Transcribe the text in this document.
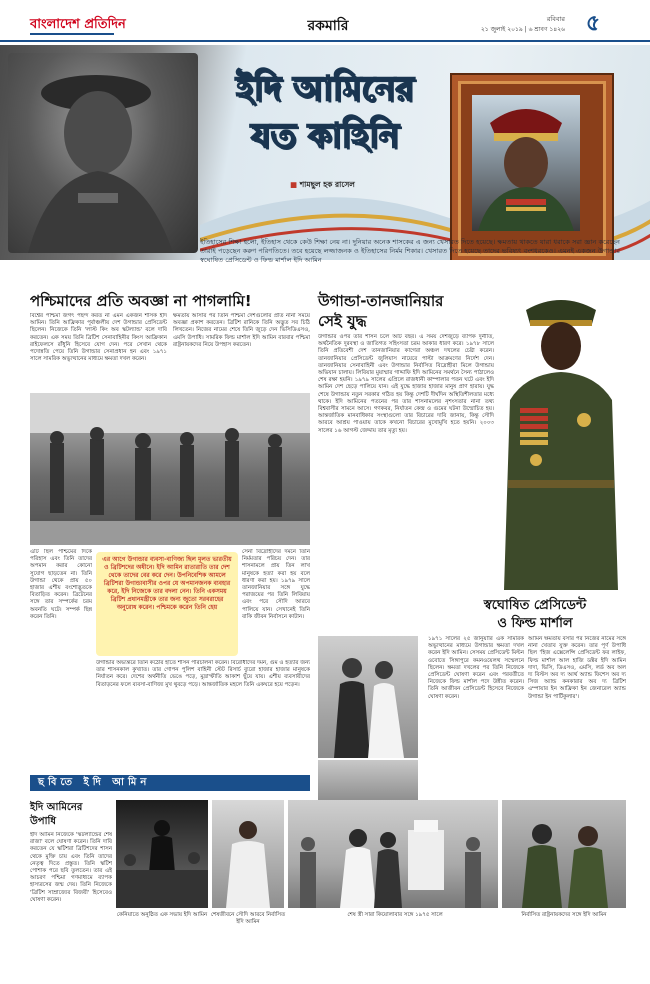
বাংলাদেশ প্রতিদিন	রকমারি	রবিবার
২১ জুলাই ২০১৯ | ৬ শ্রাবণ ১৪২৬ ৫
ইদি আমিনের
যত কাহিনি
■ শামছুল হক রাসেল
ইতিহাসের শিক্ষা হলো, ইতিহাস থেকে কেউ শিক্ষা নেয় না। দুনিয়ার অনেক শাসকের এ জন্য খেসারত দিতে হয়েছে। ক্ষমতায় থাকতে যারা ধরাকে সরা জ্ঞান করেছেন তারাই পড়েছেন করুণ পরিণতিতে। তবে হয়েছে লজ্জাজনক ও ইতিহাসের নির্মম শিকার। খেসারত দিতে হয়েছে তাদের ভবিষ্যৎ বংশধরকেও। এমনই একজন উগান্ডার স্বঘোষিত প্রেসিডেন্ট ও ফিল্ড মার্শাল ইদি আমিন
পশ্চিমাদের প্রতি অবজ্ঞা না পাগলামি!
বিশ্বের পশ্চিমা জগৎ পছন্দ করত না এমন একজন শাসক ইদি আমিন। তিনি আফ্রিকার পূর্বাঞ্চলীয় দেশ উগান্ডার প্রেসিডেন্ট ছিলেন। নিজেকে তিনি 'লাস্ট কিং অব স্কটল্যান্ড' বলে দাবি করতেন। এক সময় তিনি ব্রিটিশ সেনাবাহিনীর কিংস আফ্রিকান রাইফেলসে রাঁধুনি হিসেবে যোগ দেন। পরে সেখান থেকে পদোন্নতি পেয়ে তিনি উগান্ডার সেনাপ্রধান হন এবং ১৯৭১ সালে সামরিক অভ্যুত্থানের মাধ্যমে ক্ষমতা দখল করেন।
ক্ষমতায় আসার পর তিনি পশ্চিমা দেশগুলোর প্রতি নানা সময়ে অবজ্ঞা প্রকাশ করতেন। ব্রিটিশ রানিকে তিনি অদ্ভুত সব চিঠি লিখতেন। নিজের নামের শেষে তিনি জুড়ে দেন ভিসিডিএসও, এমসি উপাধি। সামরিক ফিল্ড মার্শাল ইদি আমিন বারবার পশ্চিমা রাষ্ট্রনায়কদের নিয়ে উপহাস করতেন।
এটি ছিল পশ্চিমের দিকে পরিহাস এবং তিনি তাদের অপমান করার কোনো সুযোগ ছাড়তেন না। তিনি উগান্ডা থেকে প্রায় ৫০ হাজার এশীয় বংশোদ্ভূতকে বিতাড়িত করেন। ব্রিটেনের সঙ্গে তার সম্পর্কের চরম অবনতি ঘটে। সম্পর্ক ছিন্ন করেন তিনি।
এর আগে উগান্ডার ব্যবসা-বাণিজ্য ছিল মূলত ভারতীয় ও ব্রিটিশদের অধীনে। ইদি আমিন রাতারাতি তার দেশ থেকে তাদের বের করে দেন। উপনিবেশিক আমলে ব্রিটিশরা উগান্ডাবাসীর ওপর যে অপমানজনক ব্যবহার করে, ইদি নিজেকে তার বদলা নেন। তিনি একসময় ব্রিটিশ প্রধানমন্ত্রীকে তার জন্য জুতো সরবরাহের অনুরোধ করেন। পশ্চিমকে করেন তিনি হেয়
উগান্ডার অভ্যন্তরে তিনি কঠোর হাতে শাসন পরিচালনা করেন। বিরোধীদের দমন, গুম ও হত্যার জন্য তার শাসনকাল কুখ্যাত। তার গোপন পুলিশ বাহিনী স্টেট রিসার্চ ব্যুরো হাজার হাজার মানুষকে নির্যাতন করে। দেশের অর্থনীতি ভেঙে পড়ে, মুদ্রাস্ফীতি আকাশ ছুঁয়ে যায়। এশীয় ব্যবসায়ীদের বিতাড়নের ফলে ব্যবসা-বাণিজ্য মুখ থুবড়ে পড়ে। আন্তর্জাতিক মহলে তিনি একঘরে হয়ে পড়েন।
সেনা বিদ্রোহীদের দমনে তিনি নির্মমতার পরিচয় দেন। তার শাসনামলে প্রায় তিন লাখ মানুষকে হত্যা করা হয় বলে ধারণা করা হয়। ১৯৭৯ সালে তানজানিয়ার সঙ্গে যুদ্ধে পরাজয়ের পর তিনি লিবিয়ায় এবং পরে সৌদি আরবে পালিয়ে যান। সেখানেই তিনি বাকি জীবন নির্বাসনে কাটান।
উগান্ডা-তানজানিয়ার
সেই যুদ্ধ
উগান্ডার ওপর তার শাসন চলে আট বছর। এ সময় দেশজুড়ে ব্যাপক দুর্নীতি, অর্থনৈতিক দুরবস্থা ও জাতিগত সহিংসতা চরম আকার ধারণ করে। ১৯৭৮ সালে তিনি প্রতিবেশী দেশ তানজানিয়ার কাগেরা অঞ্চল দখলের চেষ্টা করেন। তানজানিয়ার প্রেসিডেন্ট জুলিয়াস নায়েরে পাল্টা আক্রমণের নির্দেশ দেন। তানজানিয়ার সেনাবাহিনী এবং উগান্ডার নির্বাসিত বিদ্রোহীরা মিলে উগান্ডায় অভিযান চালায়। লিবিয়ার মুয়াম্মার গাদ্দাফি ইদি আমিনের সমর্থনে সৈন্য পাঠালেও শেষ রক্ষা হয়নি। ১৯৭৯ সালের এপ্রিলে রাজধানী কাম্পালার পতন ঘটে এবং ইদি আমিন দেশ ছেড়ে পালিয়ে যান। এই যুদ্ধে হাজার হাজার মানুষ প্রাণ হারায়। যুদ্ধ শেষে উগান্ডায় নতুন সরকার গঠিত হয় কিন্তু দেশটি দীর্ঘদিন অস্থিতিশীলতার মধ্যে থাকে। ইদি আমিনের পতনের পর তার শাসনামলের নৃশংসতার নানা তথ্য বিশ্ববাসীর সামনে আসে। গণকবর, নির্যাতন কেন্দ্র ও গুমের ঘটনা উন্মোচিত হয়। আন্তর্জাতিক মানবাধিকার সংস্থাগুলো তার বিচারের দাবি জানায়, কিন্তু সৌদি আরবে আশ্রয় পাওয়ায় তাকে কখনো বিচারের মুখোমুখি হতে হয়নি। ২০০৩ সালের ১৬ আগস্ট জেদ্দায় তার মৃত্যু হয়।
স্বঘোষিত প্রেসিডেন্ট
ও ফিল্ড মার্শাল
১৯৭১ সালের ২৫ জানুয়ারি এক সামরিক অভ্যুত্থানের মাধ্যমে উগান্ডার ক্ষমতা দখল করেন ইদি আমিন। সেসময় প্রেসিডেন্ট মিল্টন ওবোতে সিঙ্গাপুরে কমনওয়েলথ সম্মেলনে ছিলেন। ক্ষমতা দখলের পর তিনি নিজেকে প্রেসিডেন্ট ঘোষণা করেন এবং পরবর্তীতে নিজেকে ফিল্ড মার্শাল পদে উন্নীত করেন। তিনি আজীবন প্রেসিডেন্ট হিসেবে নিজেকে ঘোষণা করেন।
আমিন ক্ষমতায় বসার পর নিজের নামের সঙ্গে নানা খেতাব যুক্ত করেন। তার পূর্ণ উপাধি ছিল 'হিজ এক্সেলেন্সি প্রেসিডেন্ট ফর লাইফ, ফিল্ড মার্শাল আল হাজি ডক্টর ইদি আমিন দাদা, ভিসি, ডিএসও, এমসি, লর্ড অব অল দ্য বিস্টস অব দ্য আর্থ অ্যান্ড ফিশেস অব দ্য সিজ অ্যান্ড কনকারার অব দ্য ব্রিটিশ এম্পায়ার ইন আফ্রিকা ইন জেনারেল অ্যান্ড উগান্ডা ইন পার্টিকুলার'।
ছবিতে ইদি আমিন
ইদি আমিনের
উপাধি
ইদি আমিন নিজেকে 'স্কটল্যান্ডের শেষ রাজা' বলে ঘোষণা করেন। তিনি দাবি করতেন যে স্কটিশরা ব্রিটিশদের শাসন থেকে মুক্তি চায় এবং তিনি তাদের নেতৃত্ব দিতে প্রস্তুত। তিনি স্কটিশ পোশাক পরে ছবি তুলতেন। তার এই আচরণ পশ্চিমা গণমাধ্যমে ব্যাপক হাস্যরসের জন্ম দেয়। তিনি নিজেকে 'ব্রিটিশ সাম্রাজ্যের বিজয়ী' হিসেবেও ঘোষণা করেন।
কেনিয়াতে অনুষ্ঠিত এক সভায় ইদি আমিন শেষজীবনে সৌদি আরবে নির্বাসিত ইদি আমিন
শেষ স্ত্রী সারা কিয়োলাবার সঙ্গে ১৯৭৫ সালে	নির্বাসিত রাষ্ট্রনায়কদের সঙ্গে ইদি আমিন
